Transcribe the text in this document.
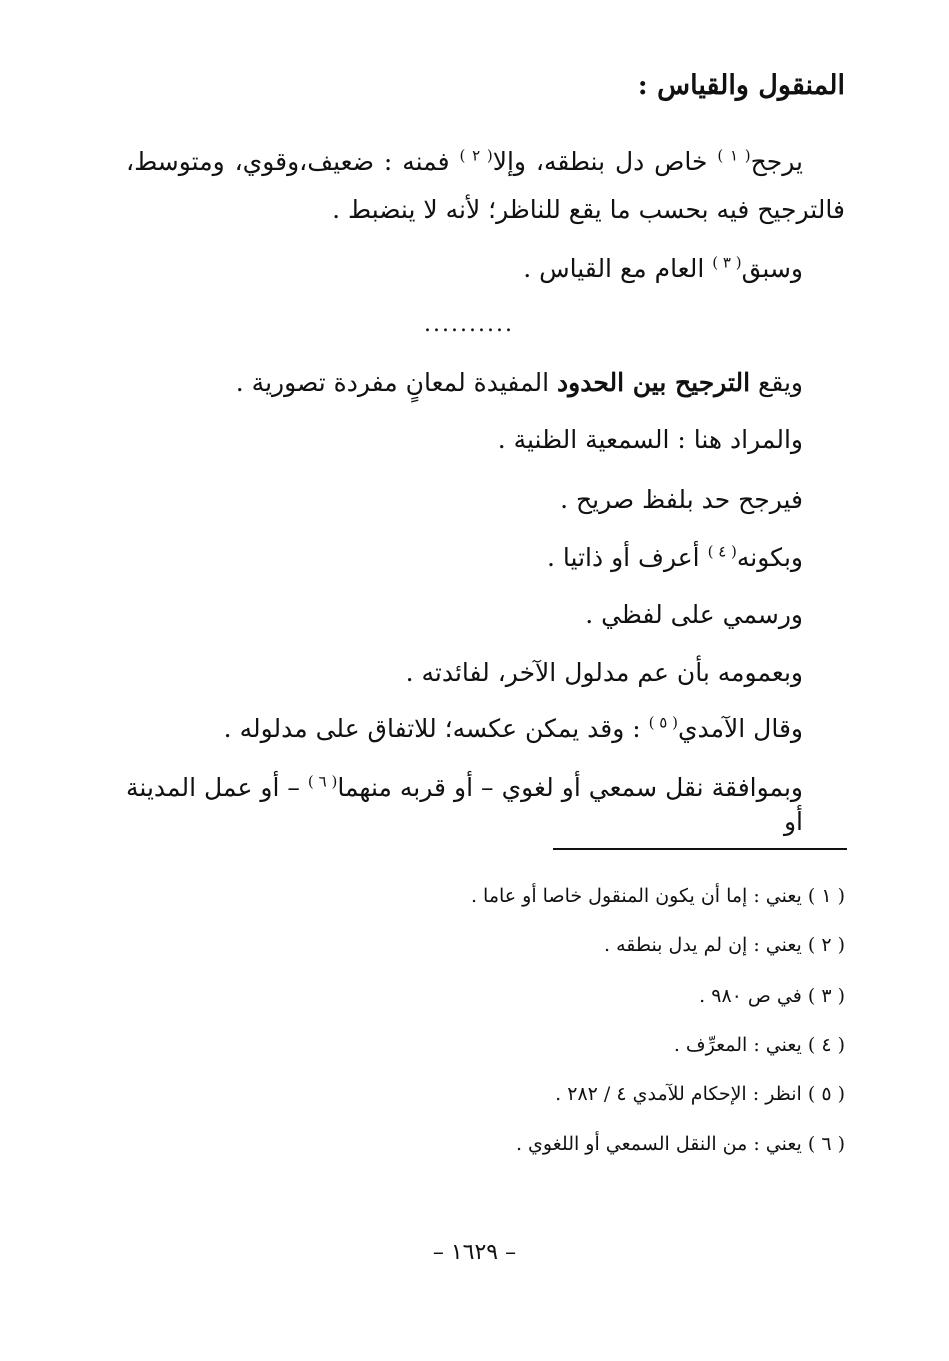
المنقول والقياس :
يرجح$^{( ١ )}$ خاص دل بنطقه، وإلا$^{( ٢ )}$ فمنه : ضعيف،وقوي، ومتوسط،
فالترجيح فيه بحسب ما يقع للناظر؛ لأنه لا ينضبط .
وسبق$^{( ٣ )}$ العام مع القياس .
..........
ويقع الترجيح بين الحدود المفيدة لمعانٍ مفردة تصورية .
والمراد هنا : السمعية الظنية .
فيرجح حد بلفظ صريح .
وبكونه$^{( ٤ )}$ أعرف أو ذاتيا .
ورسمي على لفظي .
وبعمومه بأن عم مدلول الآخر، لفائدته .
وقال الآمدي$^{( ٥ )}$ : وقد يمكن عكسه؛ للاتفاق على مدلوله .
وبموافقة نقل سمعي أو لغوي – أو قربه منهما$^{( ٦ )}$ – أو عمل المدينة أو
( ١ ) يعني : إما أن يكون المنقول خاصا أو عاما .
( ٢ ) يعني : إن لم يدل بنطقه .
( ٣ ) في ص ٩٨٠ .
( ٤ ) يعني : المعرِّف .
( ٥ ) انظر : الإحكام للآمدي ٤ / ٢٨٢ .
( ٦ ) يعني : من النقل السمعي أو اللغوي .
– ١٦٢٩ –
